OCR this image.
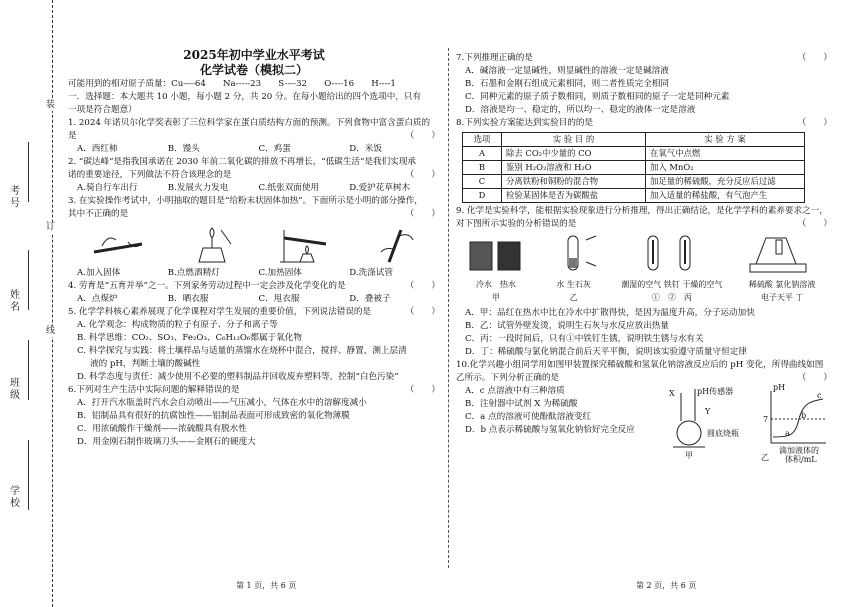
装
订
线
考号
姓名
班级
学校
2025年初中学业水平考试
化学试卷（模拟二）

可能用到的相对原子质量：Cu----64　　Na-----23　　S----32　　O----16　　H----1

一．选择题：本大题共 10 小题，每小题 2 分，共 20 分。在每小题给出的四个选项中，只有

一项是符合题意）

1. 2024 年诺贝尔化学奖表彰了三位科学家在蛋白质结构方面的预测。下列食物中富含蛋白质的

是	（　　）

A．西红柿	B．馒头	C．鸡蛋	D．米饭

2. “碳达峰”是指我国承诺在 2030 年前二氧化碳的排放不再增长，“低碳生活”是我们实现承

诺的重要途径，下列做法不符合该理念的是	（　　）

A.骑自行车出行	B.发展火力发电	C.纸张双面使用	D.爱护花草树木

3. 在实验操作考试中，小明抽取的题目是“给粉末状固体加热”。下面所示是小明的部分操作，

其中不正确的是	（　　）

A.加入固体	B.点燃酒精灯	C.加热固体	D.洗涤试管

4. 劳育是“五育并举”之一。下列家务劳动过程中一定会涉及化学变化的是	（　　）

A．点煤炉	B．晒衣服	C．甩衣服	D．叠被子

5. 化学学科核心素养展现了化学课程对学生发展的重要价值，下列说法错误的是	（　　）

A. 化学观念：构成物质的粒子有原子、分子和离子等

B. 科学思维：CO₂、SO₃、Fe₂O₃、C₆H₁₂O₆都属于氧化物

C. 科学探究与实践：将土壤样品与适量的蒸馏水在烧杯中混合，搅拌、静置，测上层清

液的 pH，判断土壤的酸碱性

D. 科学态度与责任：减少使用不必要的塑料制品并回收废弃塑料等，控制“白色污染”

6.下列对生产生活中实际问题的解释错误的是	（　　）

A．打开汽水瓶盖时汽水会自动喷出——气压减小，气体在水中的溶解度减小

B．铝制品具有很好的抗腐蚀性——铝制品表面可形成致密的氧化物薄膜

C．用浓硫酸作干燥剂——浓硫酸具有脱水性

D．用金刚石制作玻璃刀头——金刚石的硬度大

7.下列推理正确的是	（　　）

A．碱溶液一定显碱性，则显碱性的溶液一定是碱溶液

B．石墨和金刚石组成元素相同，则二者性质完全相同

C．同种元素的原子质子数相同，则质子数相同的原子一定是同种元素

D．溶液是均一、稳定的，所以均一、稳定的液体一定是溶液

8.下列实验方案能达到实验目的的是	（　　）

选项	实 验 目 的	实 验 方 案
A	除去 CO₂中少量的 CO	在氧气中点燃
B	鉴别 H₂O₂溶液和 H₂O	加入 MnO₂
C	分离铁粉和铜粉的混合物	加足量的稀硫酸，充分反应后过滤
D	检验某固体是否为碳酸盐	加入适量的稀盐酸，有气泡产生

9. 化学是实验科学，能根据实验现象进行分析推理，得出正确结论，是化学学科的素养要求之一，

对下图所示实验的分析错误的是	（　　）

冷水　 热水
甲
水 生石灰
乙
潮湿的空气 铁钉 干燥的空气
①　 ②　 丙
稀硫酸 氯化钠溶液
电子天平 丁

A．甲：品红在热水中比在冷水中扩散得快，是因为温度升高，分子运动加快

B．乙：试管外壁发烫，说明生石灰与水反应放出热量

C．丙：一段时间后，只有①中铁钉生锈，说明铁生锈与水有关

D．丁：稀硫酸与氯化钠混合前后天平平衡，说明该实验遵守质量守恒定律

10.化学兴趣小组同学用如图甲装置探究稀硫酸和氢氧化钠溶液反应后的 pH 变化，所得曲线如图

乙所示。下列分析正确的是	（　　）

A．c 点溶液中有三种溶质

B．注射器中试剂 X 为稀硫酸

C．a 点的溶液可使酚酞溶液变红

D．b 点表示稀硫酸与氢氧化钠恰好完全反应

X	pH传感器
Y
圆底烧瓶
甲
pH
7
a
b
c
滴加液体的
体积/mL
乙
第 1 页，共 6 页	第 2 页，共 6 页
